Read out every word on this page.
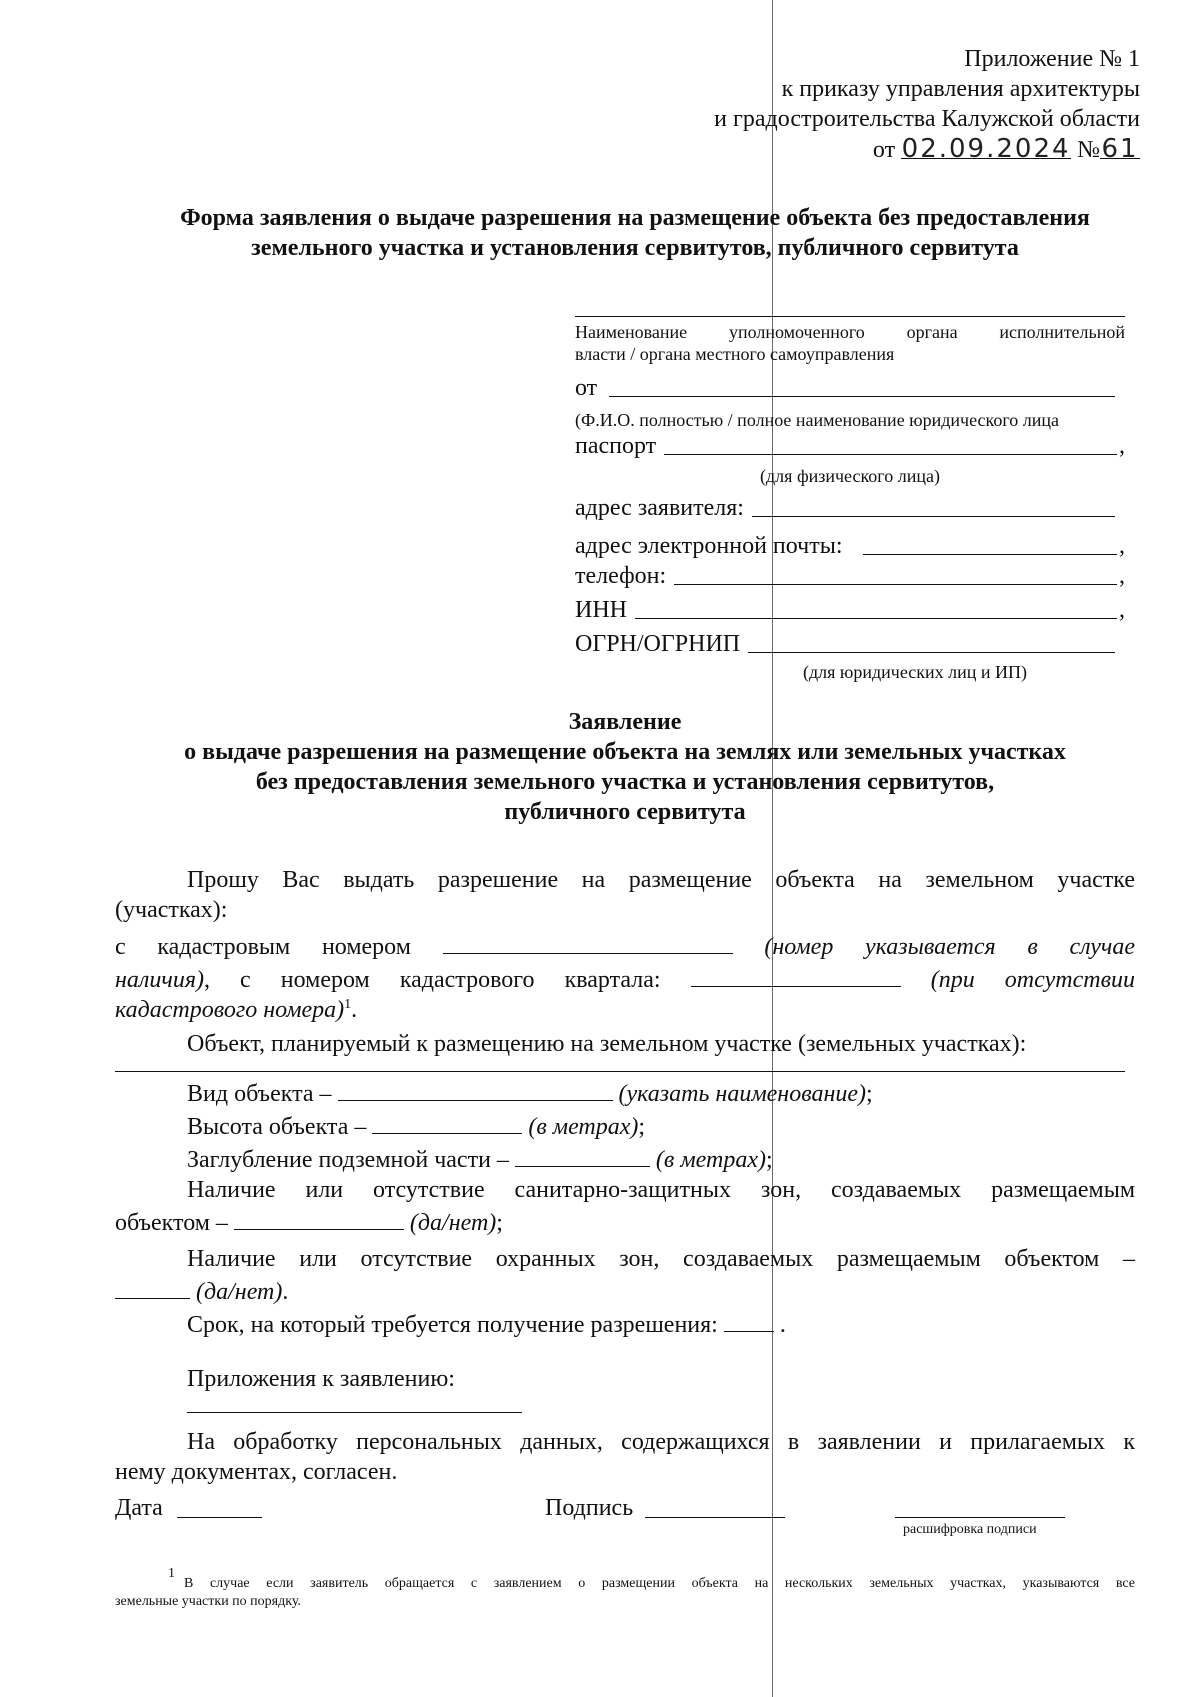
Приложение № 1
к приказу управления архитектуры
и градостроительства Калужской области
от 02.09.2024 №61
Форма заявления о выдаче разрешения на размещение объекта без предоставления
земельного участка и установления сервитутов, публичного сервитута
Наименование уполномоченного органа исполнительной
власти / органа местного самоуправления
от
(Ф.И.О. полностью / полное наименование юридического лица
паспорт	,
(для физического лица)
адрес заявителя:
адрес электронной почты:	,
телефон:	,
ИНН	,
ОГРН/ОГРНИП
(для юридических лиц и ИП)
Заявление
о выдаче разрешения на размещение объекта на землях или земельных участках
без предоставления земельного участка и установления сервитутов,
публичного сервитута
Прошу Вас выдать разрешение на размещение объекта на земельном участке
(участках):
с кадастровым номером	(номер указывается в случае
наличия), с номером кадастрового квартала:	(при отсутствии
кадастрового номера)$^1$.
Объект, планируемый к размещению на земельном участке (земельных участках):
Вид объекта –	(указать наименование);
Высота объекта –	(в метрах);
Заглубление подземной части –	(в метрах);
Наличие или отсутствие санитарно-защитных зон, создаваемых размещаемым
объектом –	(да/нет);
Наличие или отсутствие охранных зон, создаваемых размещаемым объектом –
(да/нет).
Срок, на который требуется получение разрешения:	.
Приложения к заявлению:
На обработку персональных данных, содержащихся в заявлении и прилагаемых к
нему документах, согласен.
Дата	Подпись
расшифровка подписи
1
В случае если заявитель обращается с заявлением о размещении объекта на нескольких земельных участках, указываются все
земельные участки по порядку.
